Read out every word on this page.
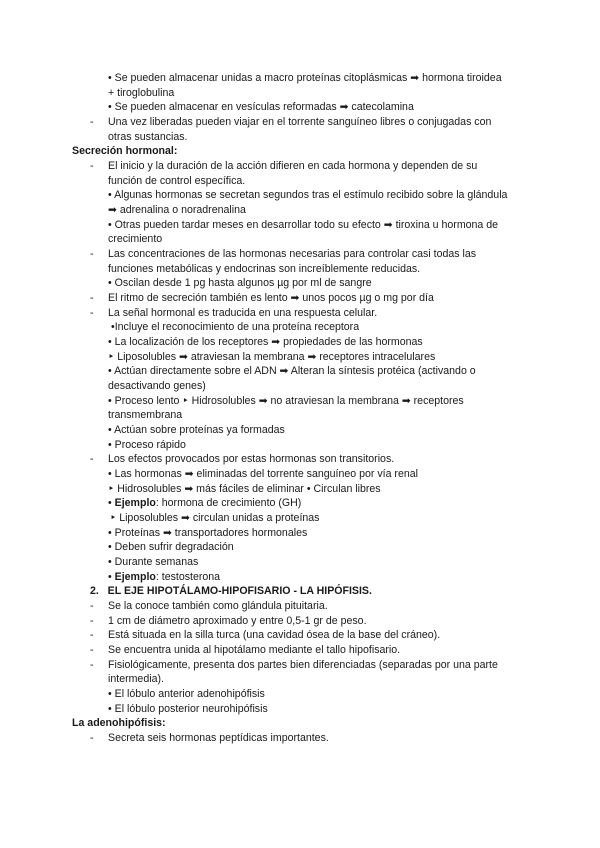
• Se pueden almacenar unidas a macro proteínas citoplásmicas ➡ hormona tiroidea
+ tiroglobulina
• Se pueden almacenar en vesículas reformadas ➡ catecolamina
- Una vez liberadas pueden viajar en el torrente sanguíneo libres o conjugadas con
otras sustancias.
Secreción hormonal:
- El inicio y la duración de la acción difieren en cada hormona y dependen de su
función de control específica.
• Algunas hormonas se secretan segundos tras el estímulo recibido sobre la glándula
➡ adrenalina o noradrenalina
• Otras pueden tardar meses en desarrollar todo su efecto ➡ tiroxina u hormona de
crecimiento
- Las concentraciones de las hormonas necesarias para controlar casi todas las
funciones metabólicas y endocrinas son increíblemente reducidas.
• Oscilan desde 1 pg hasta algunos µg por ml de sangre
- El ritmo de secreción también es lento ➡ unos pocos µg o mg por día
- La señal hormonal es traducida en una respuesta celular.
•Incluye el reconocimiento de una proteína receptora
• La localización de los receptores ➡ propiedades de las hormonas
‣ Liposolubles ➡ atraviesan la membrana ➡ receptores intracelulares
• Actúan directamente sobre el ADN ➡ Alteran la síntesis protéica (activando o
desactivando genes)
• Proceso lento ‣ Hidrosolubles ➡ no atraviesan la membrana ➡ receptores
transmembrana
• Actúan sobre proteínas ya formadas
• Proceso rápido
- Los efectos provocados por estas hormonas son transitorios.
• Las hormonas ➡ eliminadas del torrente sanguíneo por vía renal
‣ Hidrosolubles ➡ más fáciles de eliminar • Circulan libres
• Ejemplo: hormona de crecimiento (GH)
‣ Liposolubles ➡ circulan unidas a proteínas
• Proteínas ➡ transportadores hormonales
• Deben sufrir degradación
• Durante semanas
• Ejemplo: testosterona
2.   EL EJE HIPOTÁLAMO-HIPOFISARIO - LA HIPÓFISIS.
- Se la conoce también como glándula pituitaria.
- 1 cm de diámetro aproximado y entre 0,5-1 gr de peso.
- Está situada en la silla turca (una cavidad ósea de la base del cráneo).
- Se encuentra unida al hipotálamo mediante el tallo hipofisario.
- Fisiológicamente, presenta dos partes bien diferenciadas (separadas por una parte
intermedia).
• El lóbulo anterior adenohipófisis
• El lóbulo posterior neurohipófisis
La adenohipófisis:
- Secreta seis hormonas peptídicas importantes.
